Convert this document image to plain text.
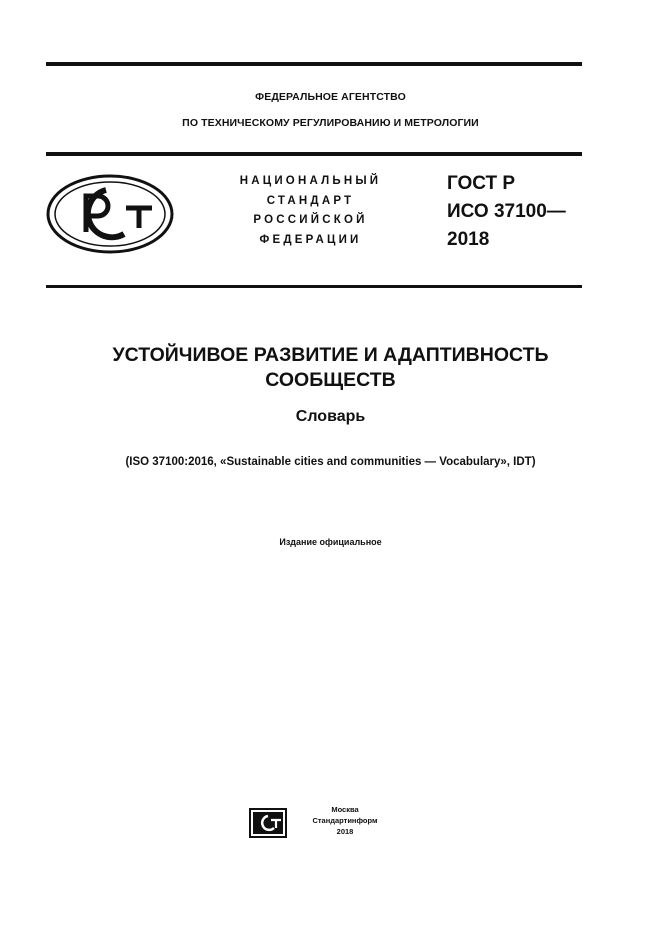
ФЕДЕРАЛЬНОЕ АГЕНТСТВО
ПО ТЕХНИЧЕСКОМУ РЕГУЛИРОВАНИЮ И МЕТРОЛОГИИ
НАЦИОНАЛЬНЫЙ
СТАНДАРТ
РОССИЙСКОЙ
ФЕДЕРАЦИИ
ГОСТ Р
ИСО 37100—
2018
УСТОЙЧИВОЕ РАЗВИТИЕ И АДАПТИВНОСТЬ
СООБЩЕСТВ
Словарь
(ISO 37100:2016, «Sustainable cities and communities — Vocabulary», IDT)
Издание официальное
Москва
Стандартинформ
2018
